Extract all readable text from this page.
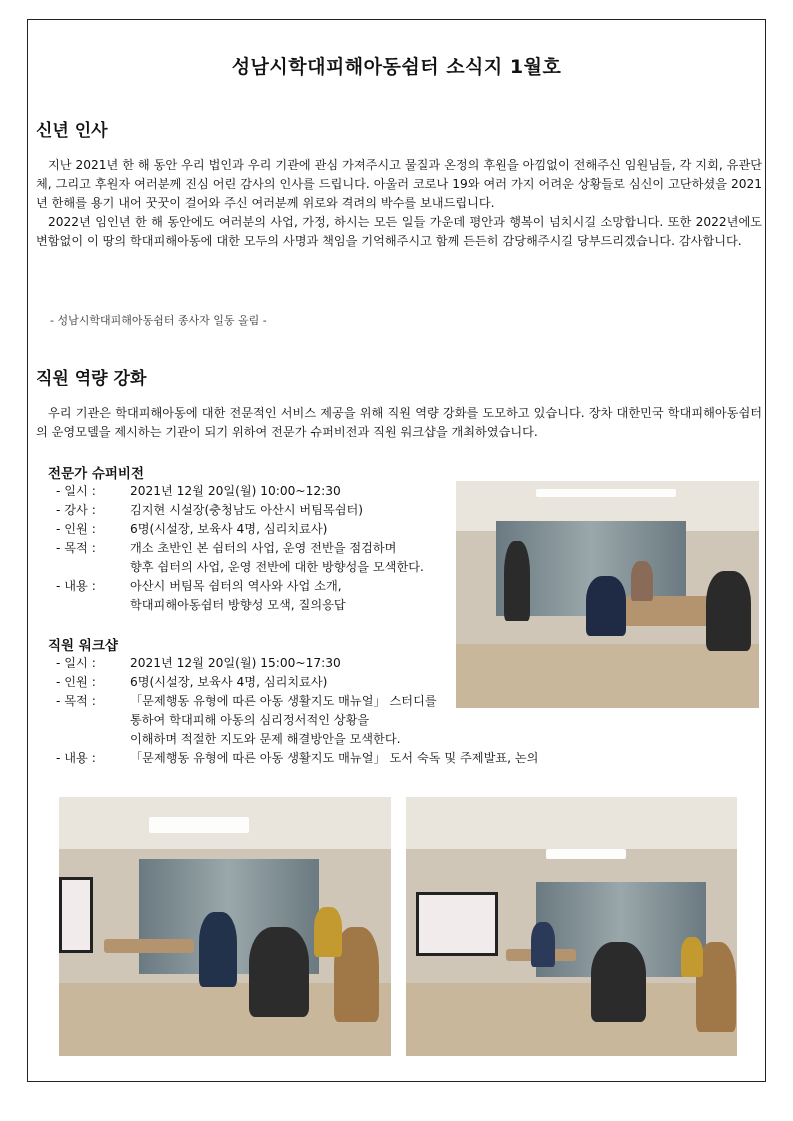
성남시학대피해아동쉼터 소식지 1월호
신년 인사

지난 2021년 한 해 동안 우리 법인과 우리 기관에 관심 가져주시고 물질과 온정의 후원을 아낌없이 전해주신 임원님들, 각 지회, 유관단체, 그리고 후원자 여러분께 진심 어린 감사의 인사를 드립니다. 아울러 코로나 19와 여러 가지 어려운 상황들로 심신이 고단하셨을 2021년 한해를 용기 내어 꿋꿋이 걸어와 주신 여러분께 위로와 격려의 박수를 보내드립니다.

2022년 임인년 한 해 동안에도 여러분의 사업, 가정, 하시는 모든 일들 가운데 평안과 행복이 넘치시길 소망합니다. 또한 2022년에도 변함없이 이 땅의 학대피해아동에 대한 모두의 사명과 책임을 기억해주시고 함께 든든히 감당해주시길 당부드리겠습니다. 감사합니다.

- 성남시학대피해아동쉼터 종사자 일동 올림 -
직원 역량 강화

우리 기관은 학대피해아동에 대한 전문적인 서비스 제공을 위해 직원 역량 강화를 도모하고 있습니다. 장차 대한민국 학대피해아동쉼터의 운영모델을 제시하는 기관이 되기 위하여 전문가 슈퍼비전과 직원 워크샵을 개최하였습니다.

전문가 슈퍼비전
- 일시 :	2021년 12월 20일(월) 10:00~12:30
- 강사 :	김지현 시설장(충청남도 아산시 버팀목쉼터)
- 인원 :	6명(시설장, 보육사 4명, 심리치료사)
- 목적 :	개소 초반인 본 쉼터의 사업, 운영 전반을 점검하며
향후 쉼터의 사업, 운영 전반에 대한 방향성을 모색한다.
- 내용 :	아산시 버팀목 쉼터의 역사와 사업 소개,
학대피해아동쉼터 방향성 모색, 질의응답
직원 워크샵
- 일시 :	2021년 12월 20일(월) 15:00~17:30
- 인원 :	6명(시설장, 보육사 4명, 심리치료사)
- 목적 :	「문제행동 유형에 따른 아동 생활지도 매뉴얼」 스터디를
통하여 학대피해 아동의 심리정서적인 상황을
이해하며 적절한 지도와 문제 해결방안을 모색한다.
- 내용 :	「문제행동 유형에 따른 아동 생활지도 매뉴얼」 도서 숙독 및 주제발표, 논의
